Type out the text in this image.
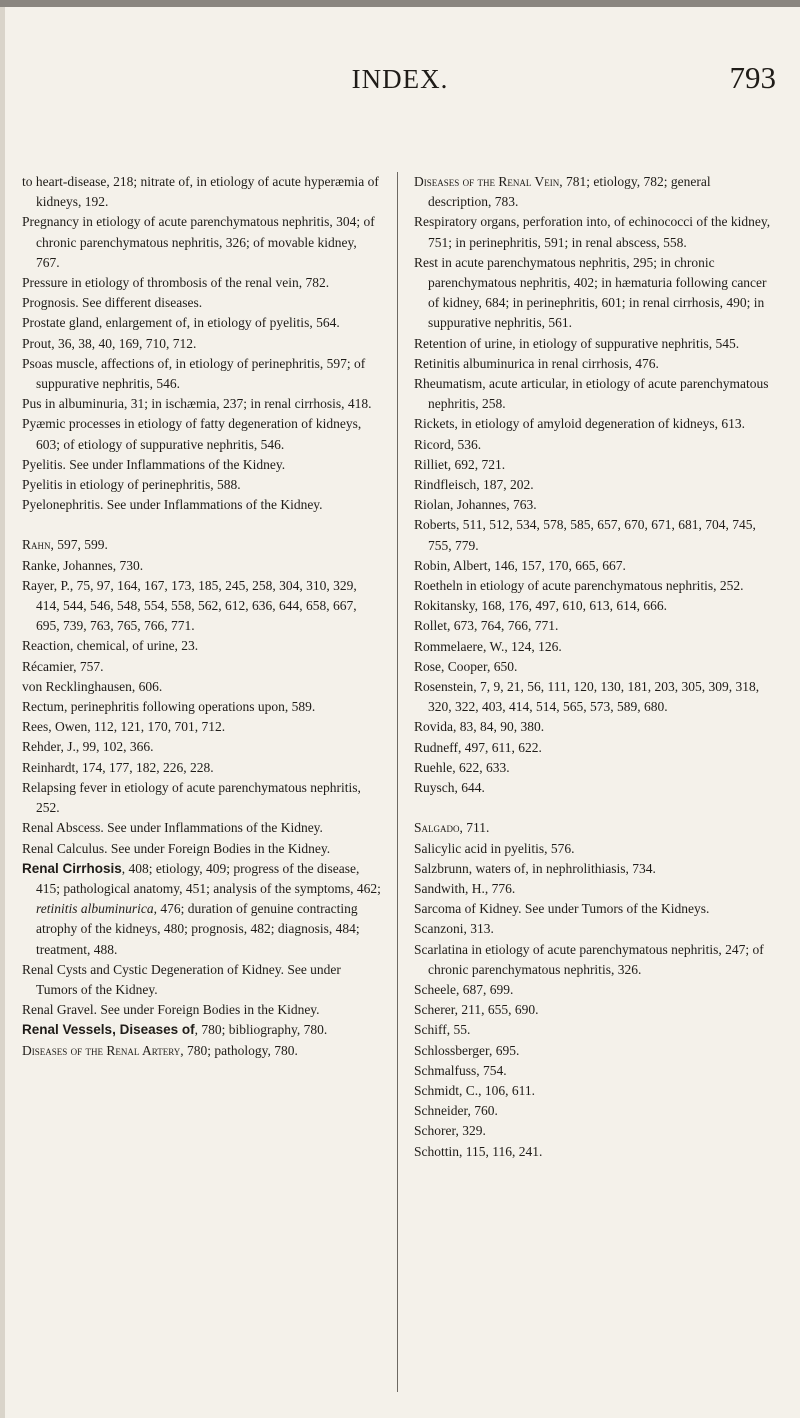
INDEX.	793

to heart-disease, 218; nitrate of, in etiology of acute hyperæmia of kidneys, 192.

Pregnancy in etiology of acute parenchymatous nephritis, 304; of chronic parenchymatous nephritis, 326; of movable kidney, 767.

Pressure in etiology of thrombosis of the renal vein, 782.

Prognosis. See different diseases.

Prostate gland, enlargement of, in etiology of pyelitis, 564.

Prout, 36, 38, 40, 169, 710, 712.

Psoas muscle, affections of, in etiology of perinephritis, 597; of suppurative nephritis, 546.

Pus in albuminuria, 31; in ischæmia, 237; in renal cirrhosis, 418.

Pyæmic processes in etiology of fatty degeneration of kidneys, 603; of etiology of suppurative nephritis, 546.

Pyelitis. See under Inflammations of the Kidney.

Pyelitis in etiology of perinephritis, 588.

Pyelonephritis. See under Inflammations of the Kidney.

Rahn, 597, 599.

Ranke, Johannes, 730.

Rayer, P., 75, 97, 164, 167, 173, 185, 245, 258, 304, 310, 329, 414, 544, 546, 548, 554, 558, 562, 612, 636, 644, 658, 667, 695, 739, 763, 765, 766, 771.

Reaction, chemical, of urine, 23.

Récamier, 757.

von Recklinghausen, 606.

Rectum, perinephritis following operations upon, 589.

Rees, Owen, 112, 121, 170, 701, 712.

Rehder, J., 99, 102, 366.

Reinhardt, 174, 177, 182, 226, 228.

Relapsing fever in etiology of acute parenchymatous nephritis, 252.

Renal Abscess. See under Inflammations of the Kidney.

Renal Calculus. See under Foreign Bodies in the Kidney.

Renal Cirrhosis, 408; etiology, 409; progress of the disease, 415; pathological anatomy, 451; analysis of the symptoms, 462; retinitis albuminurica, 476; duration of genuine contracting atrophy of the kidneys, 480; prognosis, 482; diagnosis, 484; treatment, 488.

Renal Cysts and Cystic Degeneration of Kidney. See under Tumors of the Kidney.

Renal Gravel. See under Foreign Bodies in the Kidney.

Renal Vessels, Diseases of, 780; bibliography, 780.

Diseases of the Renal Artery, 780; pathology, 780.

Diseases of the Renal Vein, 781; etiology, 782; general description, 783.

Respiratory organs, perforation into, of echinococci of the kidney, 751; in perinephritis, 591; in renal abscess, 558.

Rest in acute parenchymatous nephritis, 295; in chronic parenchymatous nephritis, 402; in hæmaturia following cancer of kidney, 684; in perinephritis, 601; in renal cirrhosis, 490; in suppurative nephritis, 561.

Retention of urine, in etiology of suppurative nephritis, 545.

Retinitis albuminurica in renal cirrhosis, 476.

Rheumatism, acute articular, in etiology of acute parenchymatous nephritis, 258.

Rickets, in etiology of amyloid degeneration of kidneys, 613.

Ricord, 536.

Rilliet, 692, 721.

Rindfleisch, 187, 202.

Riolan, Johannes, 763.

Roberts, 511, 512, 534, 578, 585, 657, 670, 671, 681, 704, 745, 755, 779.

Robin, Albert, 146, 157, 170, 665, 667.

Roetheln in etiology of acute parenchymatous nephritis, 252.

Rokitansky, 168, 176, 497, 610, 613, 614, 666.

Rollet, 673, 764, 766, 771.

Rommelaere, W., 124, 126.

Rose, Cooper, 650.

Rosenstein, 7, 9, 21, 56, 111, 120, 130, 181, 203, 305, 309, 318, 320, 322, 403, 414, 514, 565, 573, 589, 680.

Rovida, 83, 84, 90, 380.

Rudneff, 497, 611, 622.

Ruehle, 622, 633.

Ruysch, 644.

Salgado, 711.

Salicylic acid in pyelitis, 576.

Salzbrunn, waters of, in nephrolithiasis, 734.

Sandwith, H., 776.

Sarcoma of Kidney. See under Tumors of the Kidneys.

Scanzoni, 313.

Scarlatina in etiology of acute parenchymatous nephritis, 247; of chronic parenchymatous nephritis, 326.

Scheele, 687, 699.

Scherer, 211, 655, 690.

Schiff, 55.

Schlossberger, 695.

Schmalfuss, 754.

Schmidt, C., 106, 611.

Schneider, 760.

Schorer, 329.

Schottin, 115, 116, 241.
